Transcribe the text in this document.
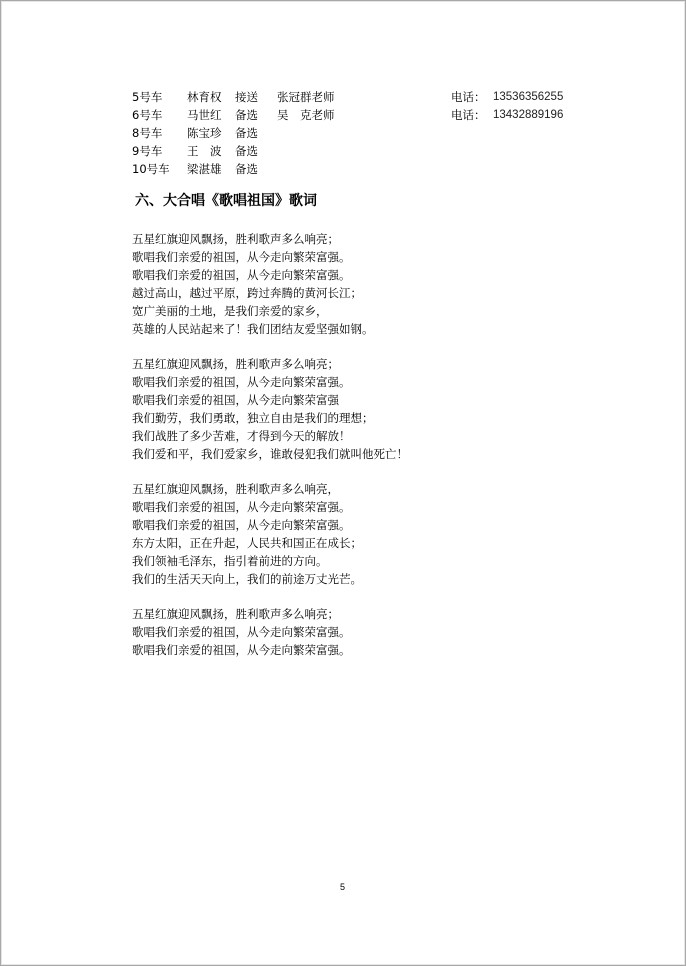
5号车 林育权 接送 张冠群老师	电话： 13536356255
6号车 马世红 备选 吴　克老师	电话： 13432889196
8号车 陈宝珍 备选
9号车 王　波 备选
10号车 梁湛雄 备选
六、大合唱《歌唱祖国》歌词
五星红旗迎风飘扬，胜利歌声多么响亮；
歌唱我们亲爱的祖国，从今走向繁荣富强。
歌唱我们亲爱的祖国，从今走向繁荣富强。
越过高山，越过平原，跨过奔腾的黄河长江；
宽广美丽的土地，是我们亲爱的家乡，
英雄的人民站起来了！我们团结友爱坚强如钢。
五星红旗迎风飘扬，胜利歌声多么响亮；
歌唱我们亲爱的祖国，从今走向繁荣富强。
歌唱我们亲爱的祖国，从今走向繁荣富强
我们勤劳，我们勇敢，独立自由是我们的理想；
我们战胜了多少苦难，才得到今天的解放！
我们爱和平，我们爱家乡，谁敢侵犯我们就叫他死亡！
五星红旗迎风飘扬，胜利歌声多么响亮，
歌唱我们亲爱的祖国，从今走向繁荣富强。
歌唱我们亲爱的祖国，从今走向繁荣富强。
东方太阳，正在升起，人民共和国正在成长；
我们领袖毛泽东，指引着前进的方向。
我们的生活天天向上，我们的前途万丈光芒。
五星红旗迎风飘扬，胜利歌声多么响亮；
歌唱我们亲爱的祖国，从今走向繁荣富强。
歌唱我们亲爱的祖国，从今走向繁荣富强。
5
